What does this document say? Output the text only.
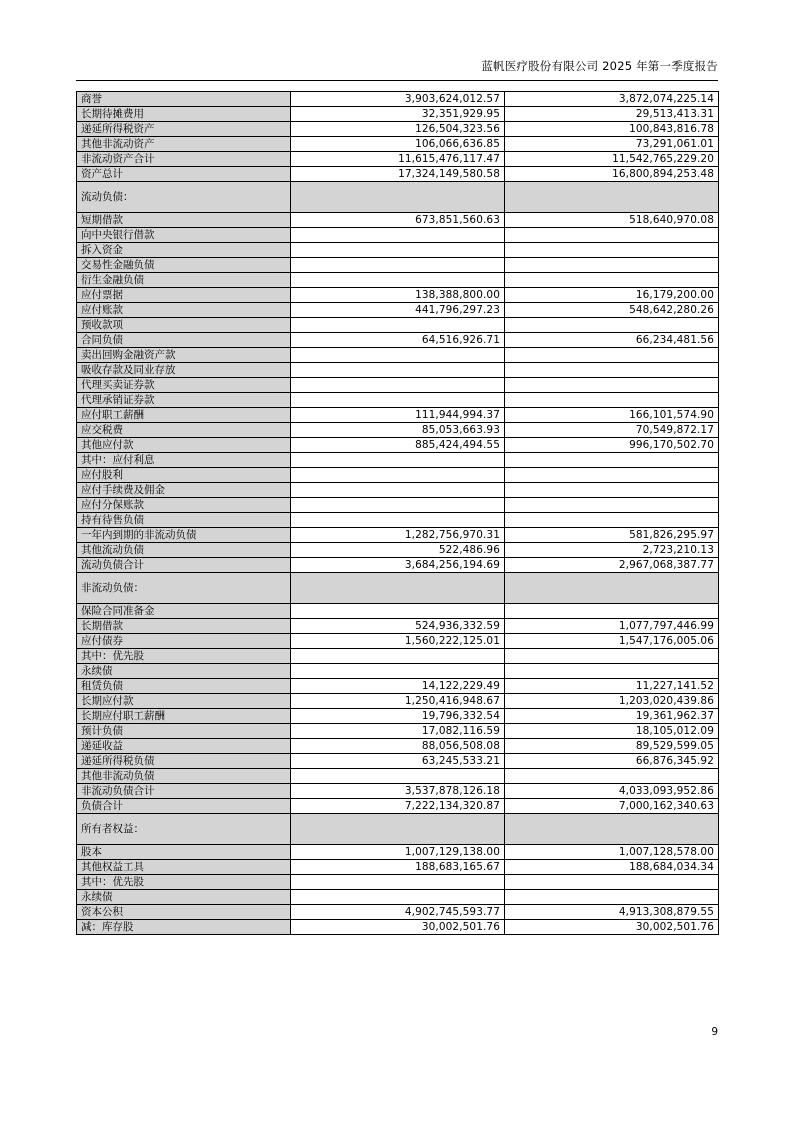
蓝帆医疗股份有限公司 2025 年第一季度报告
商誉	3,903,624,012.57	3,872,074,225.14
长期待摊费用	32,351,929.95	29,513,413.31
递延所得税资产	126,504,323.56	100,843,816.78
其他非流动资产	106,066,636.85	73,291,061.01
非流动资产合计	11,615,476,117.47	11,542,765,229.20
资产总计	17,324,149,580.58	16,800,894,253.48
流动负债：		
短期借款	673,851,560.63	518,640,970.08
向中央银行借款		
拆入资金		
交易性金融负债		
衍生金融负债		
应付票据	138,388,800.00	16,179,200.00
应付账款	441,796,297.23	548,642,280.26
预收款项		
合同负债	64,516,926.71	66,234,481.56
卖出回购金融资产款		
吸收存款及同业存放		
代理买卖证券款		
代理承销证券款		
应付职工薪酬	111,944,994.37	166,101,574.90
应交税费	85,053,663.93	70,549,872.17
其他应付款	885,424,494.55	996,170,502.70
其中：应付利息		
应付股利		
应付手续费及佣金		
应付分保账款		
持有待售负债		
一年内到期的非流动负债	1,282,756,970.31	581,826,295.97
其他流动负债	522,486.96	2,723,210.13
流动负债合计	3,684,256,194.69	2,967,068,387.77
非流动负债：		
保险合同准备金		
长期借款	524,936,332.59	1,077,797,446.99
应付债券	1,560,222,125.01	1,547,176,005.06
其中：优先股		
永续债		
租赁负债	14,122,229.49	11,227,141.52
长期应付款	1,250,416,948.67	1,203,020,439.86
长期应付职工薪酬	19,796,332.54	19,361,962.37
预计负债	17,082,116.59	18,105,012.09
递延收益	88,056,508.08	89,529,599.05
递延所得税负债	63,245,533.21	66,876,345.92
其他非流动负债		
非流动负债合计	3,537,878,126.18	4,033,093,952.86
负债合计	7,222,134,320.87	7,000,162,340.63
所有者权益：		
股本	1,007,129,138.00	1,007,128,578.00
其他权益工具	188,683,165.67	188,684,034.34
其中：优先股		
永续债		
资本公积	4,902,745,593.77	4,913,308,879.55
减：库存股	30,002,501.76	30,002,501.76
9
